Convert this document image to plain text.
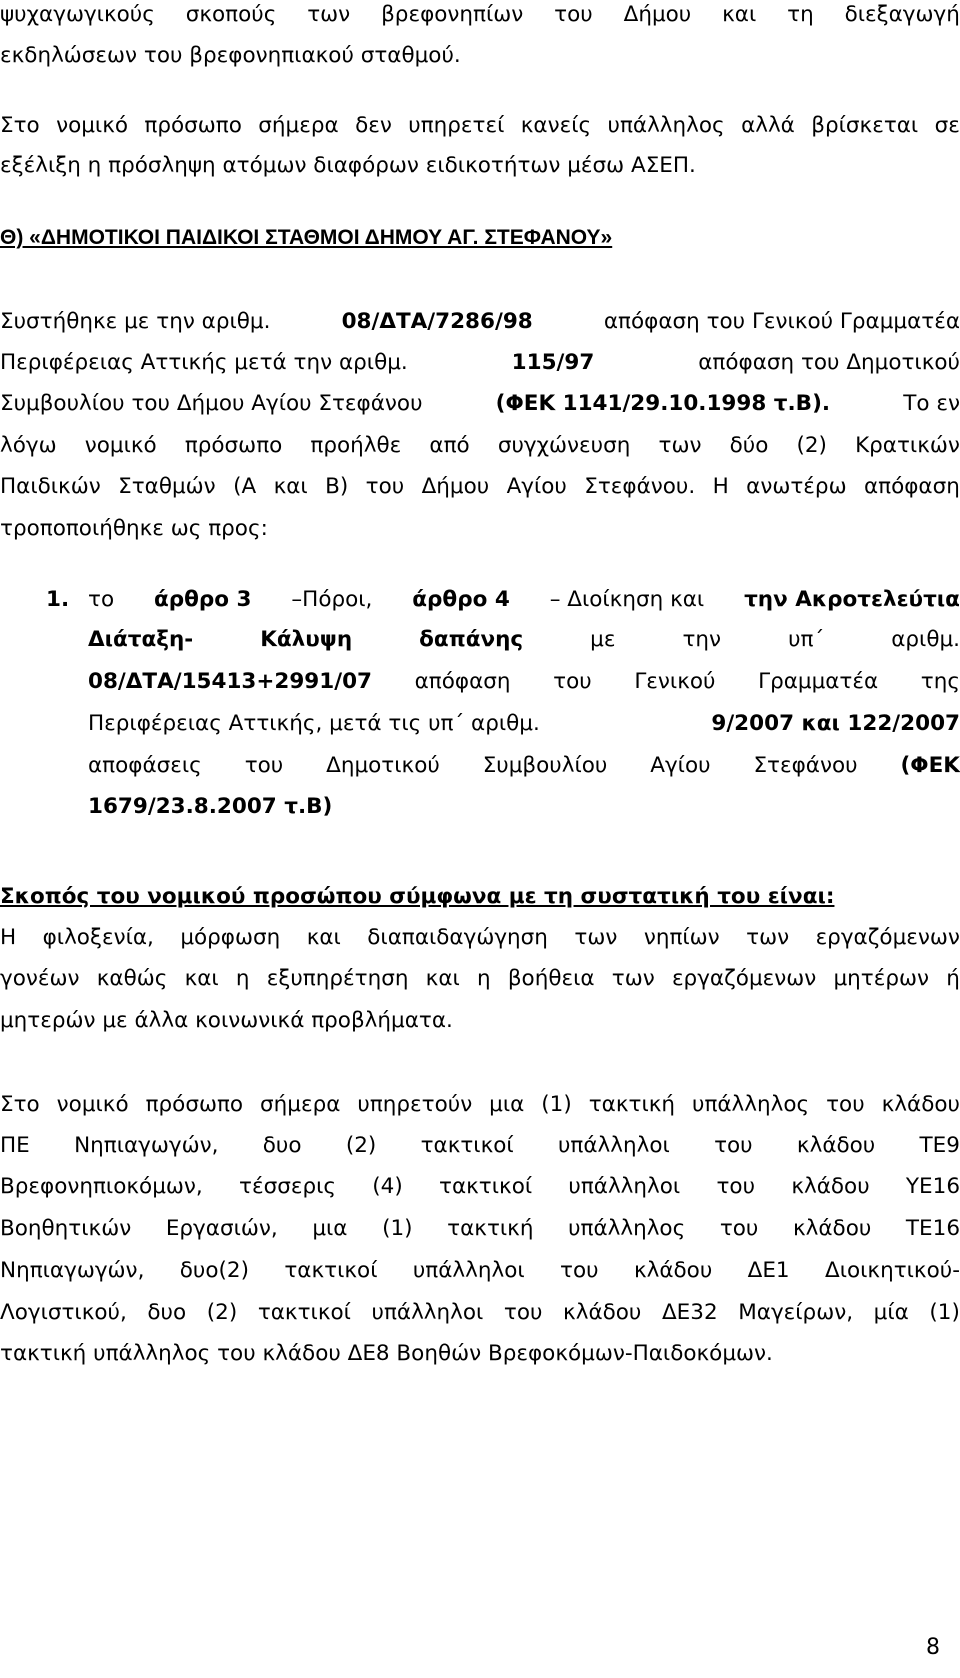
ψυχαγωγικούς σκοπούς των βρεφονηπίων του Δήμου και τη διεξαγωγή
εκδηλώσεων του βρεφονηπιακού σταθμού.
Στο νομικό πρόσωπο σήμερα δεν υπηρετεί κανείς υπάλληλος αλλά βρίσκεται σε
εξέλιξη η πρόσληψη ατόμων διαφόρων ειδικοτήτων μέσω ΑΣΕΠ.
Θ) «ΔΗΜΟΤΙΚΟΙ ΠΑΙΔΙΚΟΙ ΣΤΑΘΜΟΙ ΔΗΜΟΥ ΑΓ. ΣΤΕΦΑΝΟΥ»
Συστήθηκε με την αριθμ.	08/ΔΤΑ/7286/98	απόφαση του Γενικού Γραμματέα
Περιφέρειας Αττικής μετά την αριθμ.	115/97	απόφαση του Δημοτικού
Συμβουλίου του Δήμου Αγίου Στεφάνου	(ΦΕΚ 1141/29.10.1998 τ.Β).	Το εν
λόγω νομικό πρόσωπο προήλθε από συγχώνευση των δύο (2) Κρατικών
Παιδικών Σταθμών (Α και Β) του Δήμου Αγίου Στεφάνου. Η ανωτέρω απόφαση
τροποποιήθηκε ως προς:
1. το άρθρο 3 –Πόροι, άρθρο 4 – Διοίκηση και την Ακροτελεύτια
Διάταξη-	Κάλυψη	δαπάνης	με	την	υπ΄	αριθμ.
08/ΔΤΑ/15413+2991/07 απόφαση του Γενικού Γραμματέα της
Περιφέρειας Αττικής, μετά τις υπ΄ αριθμ.	9/2007 και 122/2007
αποφάσεις του Δημοτικού Συμβουλίου Αγίου Στεφάνου (ΦΕΚ
1679/23.8.2007 τ.Β)
Σκοπός του νομικού προσώπου σύμφωνα με τη συστατική του είναι:
Η φιλοξενία, μόρφωση και διαπαιδαγώγηση των νηπίων των εργαζόμενων
γονέων καθώς και η εξυπηρέτηση και η βοήθεια των εργαζόμενων μητέρων ή
μητερών με άλλα κοινωνικά προβλήματα.
Στο νομικό πρόσωπο σήμερα υπηρετούν μια (1) τακτική υπάλληλος του κλάδου
ΠΕ Νηπιαγωγών, δυο (2) τακτικοί υπάλληλοι του κλάδου ΤΕ9
Βρεφονηπιοκόμων, τέσσερις (4) τακτικοί υπάλληλοι του κλάδου ΥΕ16
Βοηθητικών Εργασιών, μια (1) τακτική υπάλληλος του κλάδου ΤΕ16
Νηπιαγωγών, δυο(2) τακτικοί υπάλληλοι του κλάδου ΔΕ1 Διοικητικού-
Λογιστικού, δυο (2) τακτικοί υπάλληλοι του κλάδου ΔΕ32 Μαγείρων, μία (1)
τακτική υπάλληλος του κλάδου ΔΕ8 Βοηθών Βρεφοκόμων-Παιδοκόμων.
8
